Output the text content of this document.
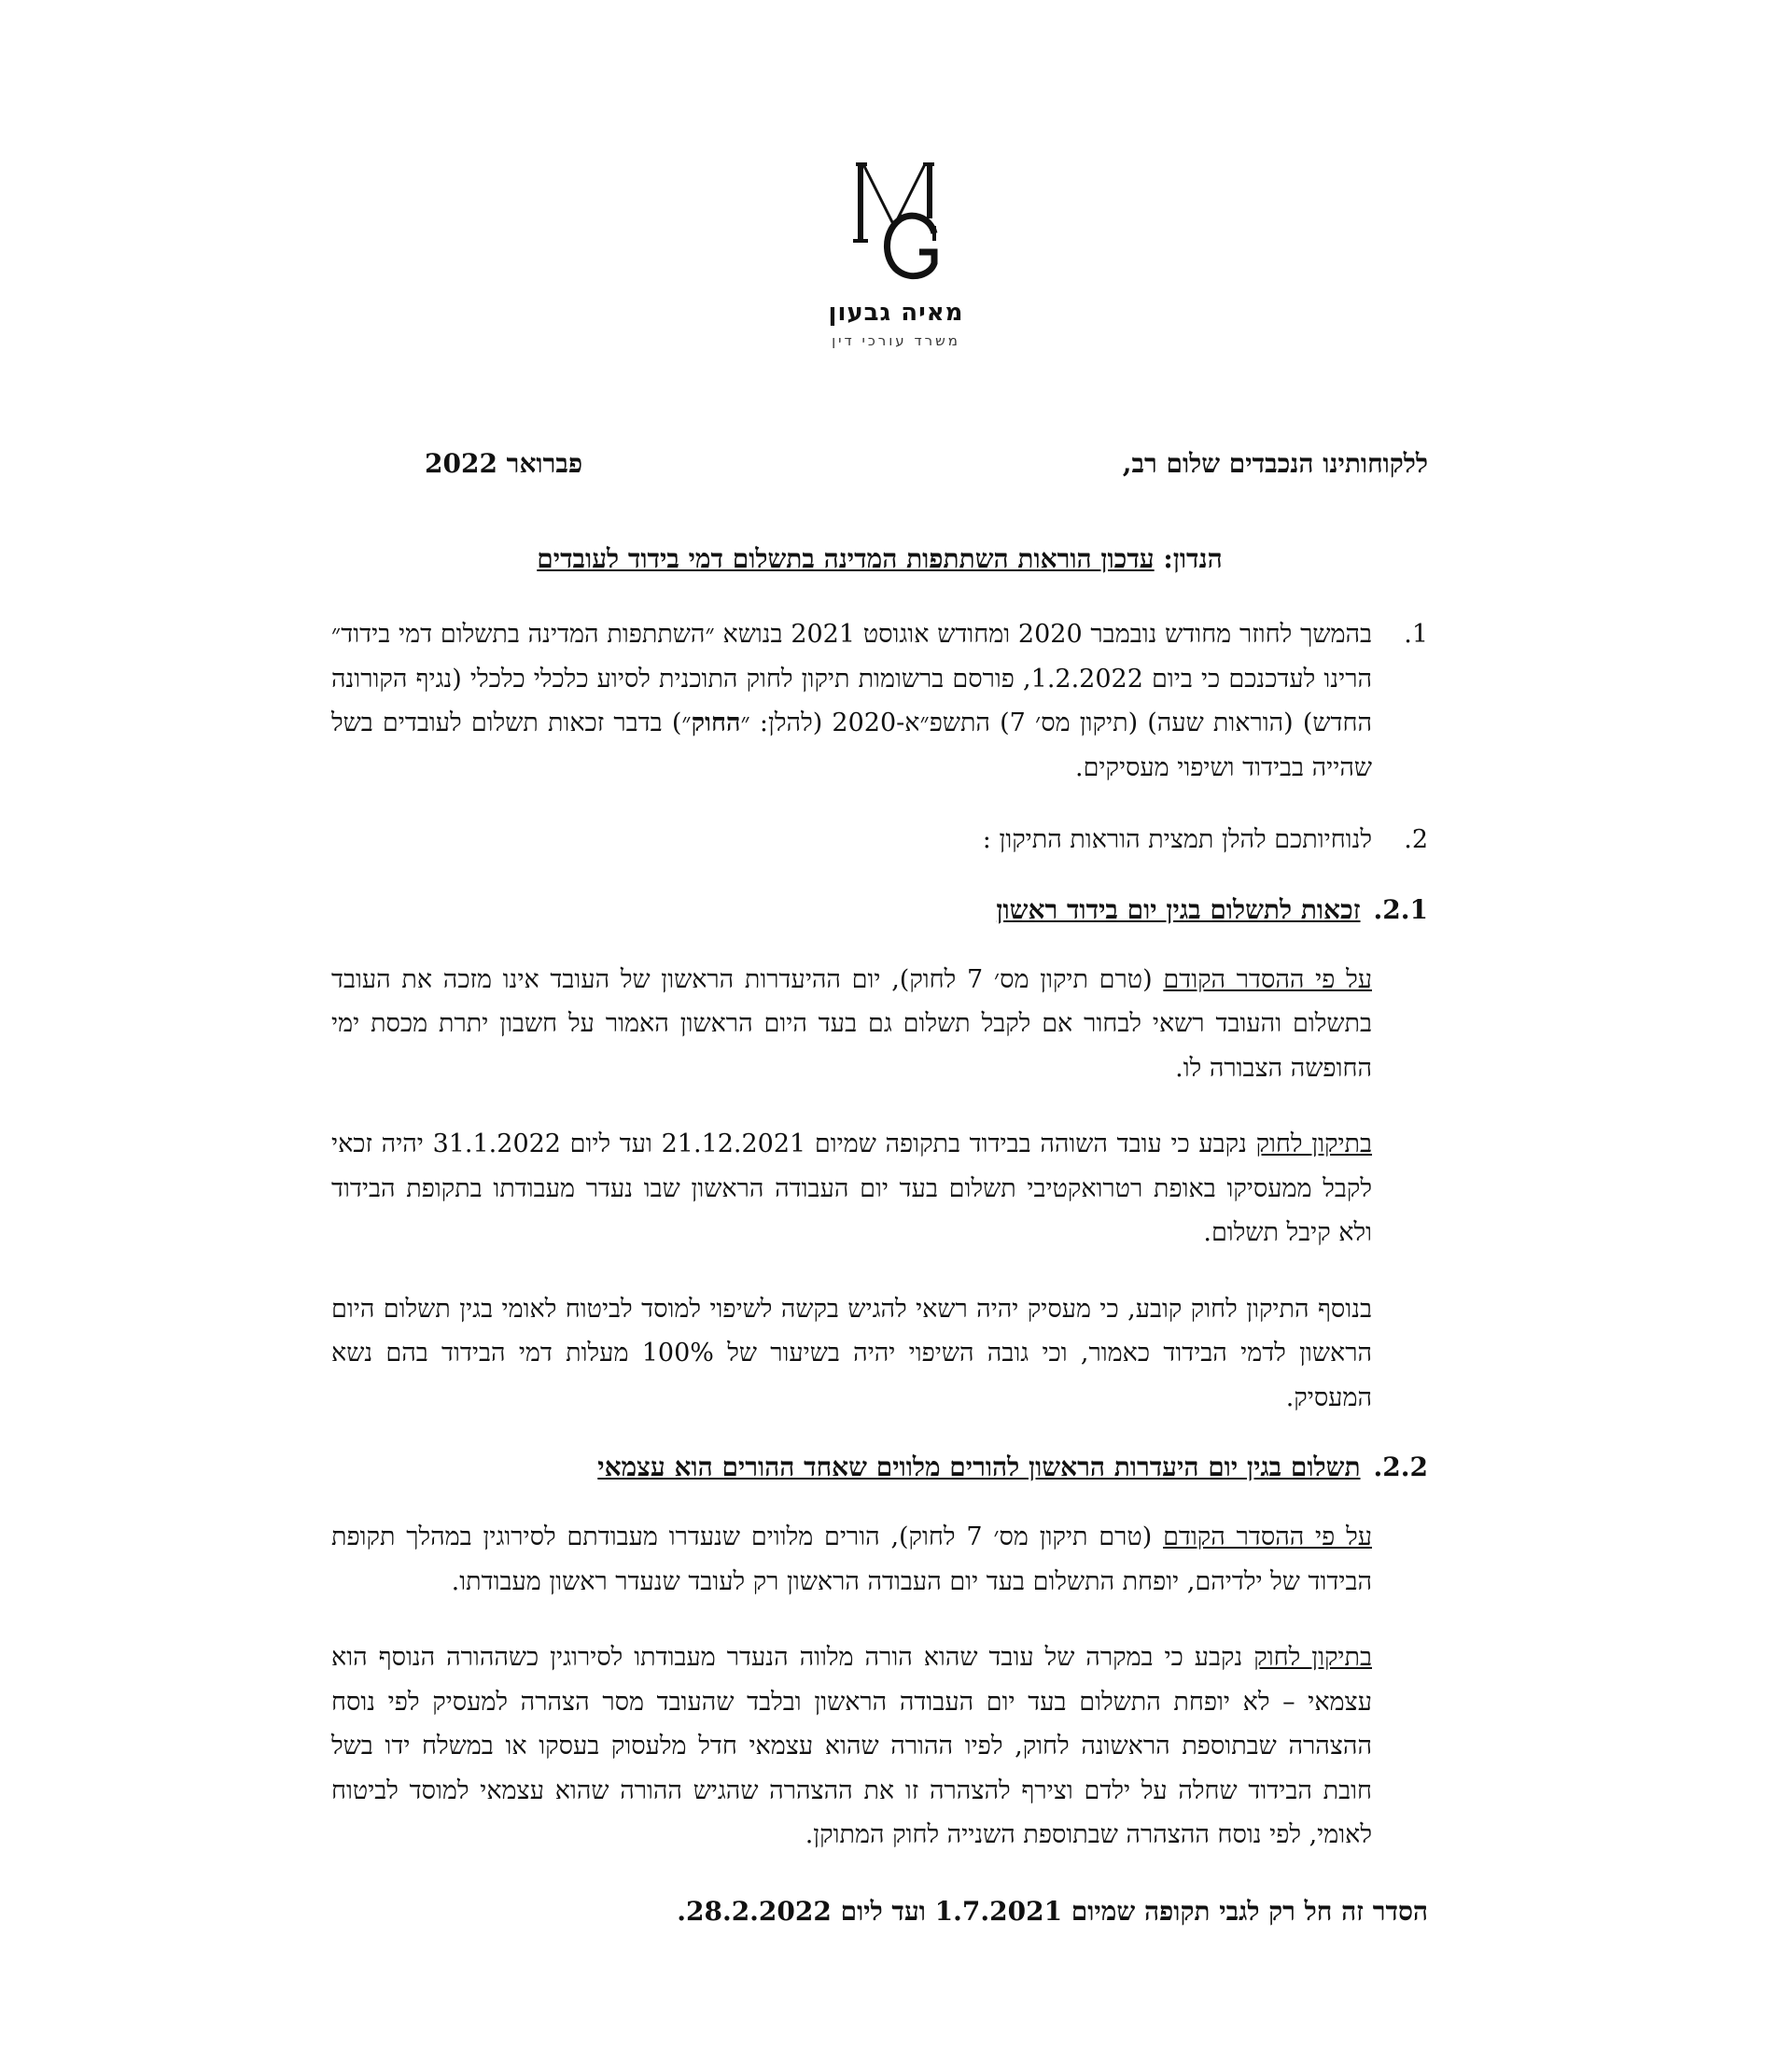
מאיה גבעון
משרד עורכי דין
ללקוחותינו הנכבדים שלום רב,
פברואר 2022
הנדון: עדכון הוראות השתתפות המדינה בתשלום דמי בידוד לעובדים

1.

בהמשך לחוזר מחודש נובמבר 2020 ומחודש אוגוסט 2021 בנושא ״השתתפות המדינה בתשלום דמי בידוד״ הרינו לעדכנכם כי ביום 1.2.2022, פורסם ברשומות תיקון לחוק התוכנית לסיוע כלכלי כלכלי (נגיף הקורונה החדש) (הוראות שעה) (תיקון מס׳ 7) התשפ״א-2020 (להלן: ״החוק״) בדבר זכאות תשלום לעובדים בשל שהייה בבידוד ושיפוי מעסיקים.

2.

לנוחיותכם להלן תמצית הוראות התיקון :

2.1.זכאות לתשלום בגין יום בידוד ראשון

על פי ההסדר הקודם (טרם תיקון מס׳ 7 לחוק), יום ההיעדרות הראשון של העובד אינו מזכה את העובד בתשלום והעובד רשאי לבחור אם לקבל תשלום גם בעד היום הראשון האמור על חשבון יתרת מכסת ימי החופשה הצבורה לו.

בתיקון לחוק נקבע כי עובד השוהה בבידוד בתקופה שמיום 21.12.2021 ועד ליום 31.1.2022 יהיה זכאי לקבל ממעסיקו באופת רטרואקטיבי תשלום בעד יום העבודה הראשון שבו נעדר מעבודתו בתקופת הבידוד ולא קיבל תשלום.

בנוסף התיקון לחוק קובע, כי מעסיק יהיה רשאי להגיש בקשה לשיפוי למוסד לביטוח לאומי בגין תשלום היום הראשון לדמי הבידוד כאמור, וכי גובה השיפוי יהיה בשיעור של 100% מעלות דמי הבידוד בהם נשא המעסיק.

2.2.תשלום בגין יום היעדרות הראשון להורים מלווים שאחד ההורים הוא עצמאי

על פי ההסדר הקודם (טרם תיקון מס׳ 7 לחוק), הורים מלווים שנעדרו מעבודתם לסירוגין במהלך תקופת הבידוד של ילדיהם, יופחת התשלום בעד יום העבודה הראשון רק לעובד שנעדר ראשון מעבודתו.

בתיקון לחוק נקבע כי במקרה של עובד שהוא הורה מלווה הנעדר מעבודתו לסירוגין כשההורה הנוסף הוא עצמאי – לא יופחת התשלום בעד יום העבודה הראשון ובלבד שהעובד מסר הצהרה למעסיק לפי נוסח ההצהרה שבתוספת הראשונה לחוק, לפיו ההורה שהוא עצמאי חדל מלעסוק בעסקו או במשלח ידו בשל חובת הבידוד שחלה על ילדם וצירף להצהרה זו את ההצהרה שהגיש ההורה שהוא עצמאי למוסד לביטוח לאומי, לפי נוסח ההצהרה שבתוספת השנייה לחוק המתוקן.

הסדר זה חל רק לגבי תקופה שמיום 1.7.2021 ועד ליום 28.2.2022.
